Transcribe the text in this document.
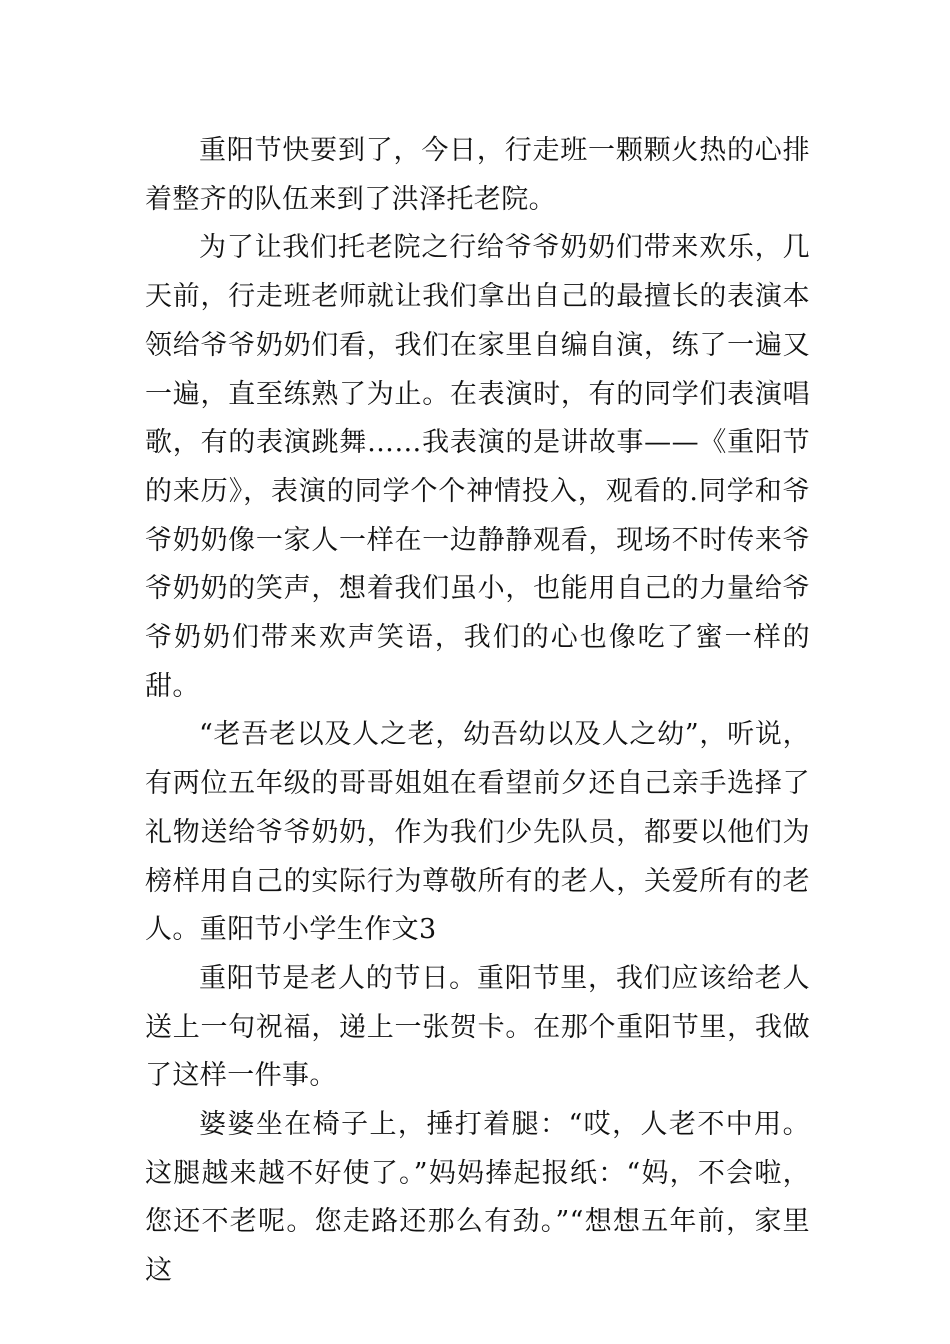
重阳节快要到了，今日，行走班一颗颗火热的心排着整齐的队伍来到了洪泽托老院。

为了让我们托老院之行给爷爷奶奶们带来欢乐，几天前，行走班老师就让我们拿出自己的最擅长的表演本领给爷爷奶奶们看，我们在家里自编自演，练了一遍又一遍，直至练熟了为止。在表演时，有的同学们表演唱歌，有的表演跳舞……我表演的是讲故事——《重阳节的来历》，表演的同学个个神情投入，观看的.同学和爷爷奶奶像一家人一样在一边静静观看，现场不时传来爷爷奶奶的笑声，想着我们虽小，也能用自己的力量给爷爷奶奶们带来欢声笑语，我们的心也像吃了蜜一样的甜。

“老吾老以及人之老，幼吾幼以及人之幼”，听说，有两位五年级的哥哥姐姐在看望前夕还自己亲手选择了礼物送给爷爷奶奶，作为我们少先队员，都要以他们为榜样用自己的实际行为尊敬所有的老人，关爱所有的老人。重阳节小学生作文3

重阳节是老人的节日。重阳节里，我们应该给老人送上一句祝福，递上一张贺卡。在那个重阳节里，我做了这样一件事。

婆婆坐在椅子上，捶打着腿：“哎，人老不中用。这腿越来越不好使了。”妈妈捧起报纸：“妈，不会啦，您还不老呢。您走路还那么有劲。”“想想五年前，家里这
